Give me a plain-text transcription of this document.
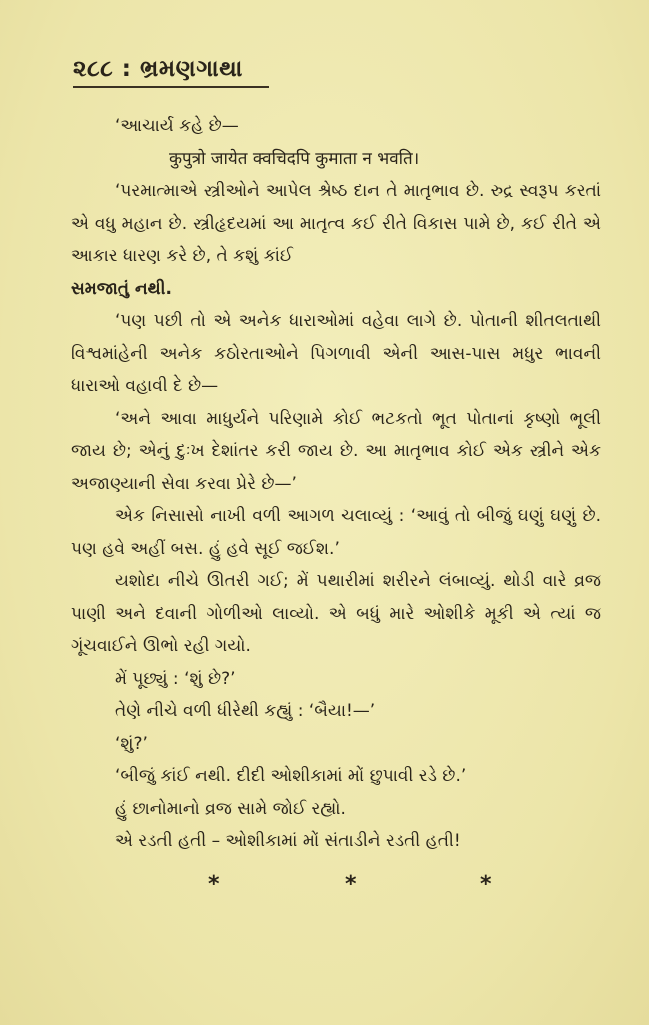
૨૮૮ : ભ્રમણગાથા

‘આચાર્ય કહે છે—

कुपुत्रो जायेत क्वचिदपि कुमाता न भवति।

‘પરમાત્માએ સ્ત્રીઓને આપેલ શ્રેષ્ઠ દાન તે માતૃભાવ છે. રુદ્ર સ્વરૂપ કરતાં એ વધુ મહાન છે. સ્ત્રીહૃદયમાં આ માતૃત્વ કઈ રીતે વિકાસ પામે છે, કઈ રીતે એ આકાર ધારણ કરે છે, તે કશું કાંઈ

સમજાતું નથી.

‘પણ પછી તો એ અનેક ધારાઓમાં વહેવા લાગે છે. પોતાની શીતલતાથી વિશ્વમાંહેની અનેક કઠોરતાઓને પિગળાવી એની આસ-પાસ મધુર ભાવની ધારાઓ વહાવી દે છે—

‘અને આવા માધુર્યને પરિણામે કોઈ ભટકતો ભૂત પોતાનાં કૃષ્ણો ભૂલી જાય છે; એનું દુઃખ દેશાંતર કરી જાય છે. આ માતૃભાવ કોઈ એક સ્ત્રીને એક અજાણ્યાની સેવા કરવા પ્રેરે છે—’

એક નિસાસો નાખી વળી આગળ ચલાવ્યું : ‘આવું તો બીજું ઘણું ઘણું છે. પણ હવે અહીં બસ. હું હવે સૂઈ જઈશ.’

યશોદા નીચે ઊતરી ગઈ; મેં પથારીમાં શરીરને લંબાવ્યું. થોડી વારે વ્રજ પાણી અને દવાની ગોળીઓ લાવ્યો. એ બધું મારે ઓશીકે મૂકી એ ત્યાં જ ગૂંચવાઈને ઊભો રહી ગયો.

મેં પૂછ્યું : ‘શું છે?’

તેણે નીચે વળી ધીરેથી કહ્યું : ‘બૈયા!—’

‘શું?’

‘બીજું કાંઈ નથી. દીદી ઓશીકામાં મોં છુપાવી રડે છે.’

હું છાનોમાનો વ્રજ સામે જોઈ રહ્યો.

એ રડતી હતી – ઓશીકામાં મોં સંતાડીને રડતી હતી!

*	*	*
